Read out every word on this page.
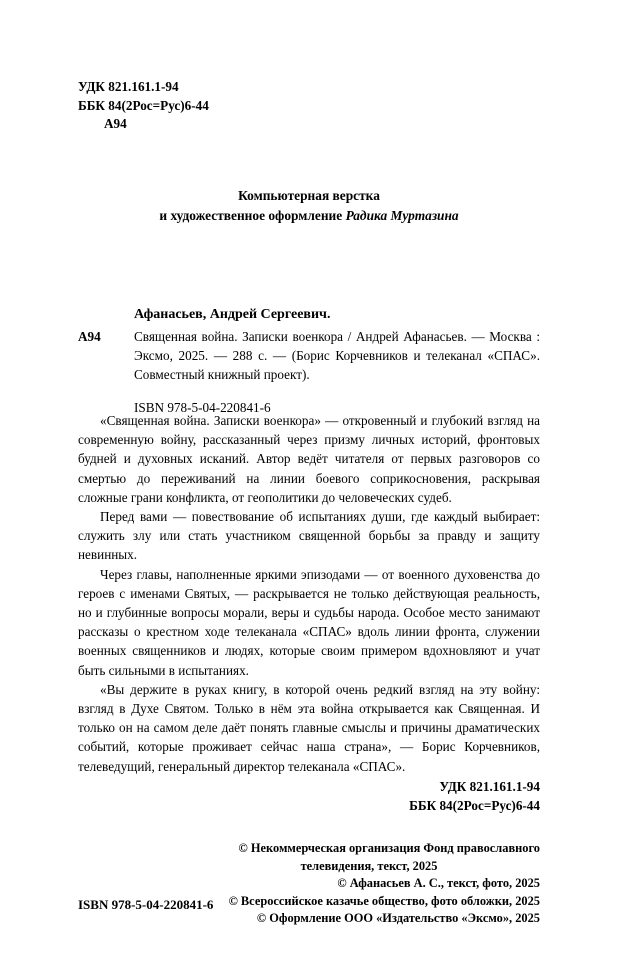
УДК 821.161.1-94
ББК 84(2Рос=Рус)6-44
А94
Компьютерная верстка
и художественное оформление Радика Муртазина
Афанасьев, Андрей Сергеевич.
А94	Священная война. Записки военкора / Андрей Афанасьев. — Москва : Эксмо, 2025. — 288 с. — (Борис Корчевников и телеканал «СПАС». Совместный книжный проект).
ISBN 978-5-04-220841-6

«Священная война. Записки военкора» — откровенный и глубокий взгляд на современную войну, рассказанный через призму личных историй, фронтовых будней и духовных исканий. Автор ведёт читателя от первых разговоров со смертью до переживаний на линии боевого соприкосновения, раскрывая сложные грани конфликта, от геополитики до человеческих судеб.

Перед вами — повествование об испытаниях души, где каждый выбирает: служить злу или стать участником священной борьбы за правду и защиту невинных.

Через главы, наполненные яркими эпизодами — от военного духовенства до героев с именами Святых, — раскрывается не только действующая реальность, но и глубинные вопросы морали, веры и судьбы народа. Особое место занимают рассказы о крестном ходе телеканала «СПАС» вдоль линии фронта, служении военных священников и людях, которые своим примером вдохновляют и учат быть сильными в испытаниях.

«Вы держите в руках книгу, в которой очень редкий взгляд на эту войну: взгляд в Духе Святом. Только в нём эта война открывается как Священная. И только он на самом деле даёт понять главные смыслы и причины драматических событий, которые проживает сейчас наша страна», — Борис Корчевников, телеведущий, генеральный директор телеканала «СПАС».

УДК 821.161.1-94
ББК 84(2Рос=Рус)6-44
© Некоммерческая организация Фонд православного
телевидения, текст, 2025
© Афанасьев А. С., текст, фото, 2025
© Всероссийское казачье общество, фото обложки, 2025
© Оформление ООО «Издательство «Эксмо», 2025
ISBN 978-5-04-220841-6
